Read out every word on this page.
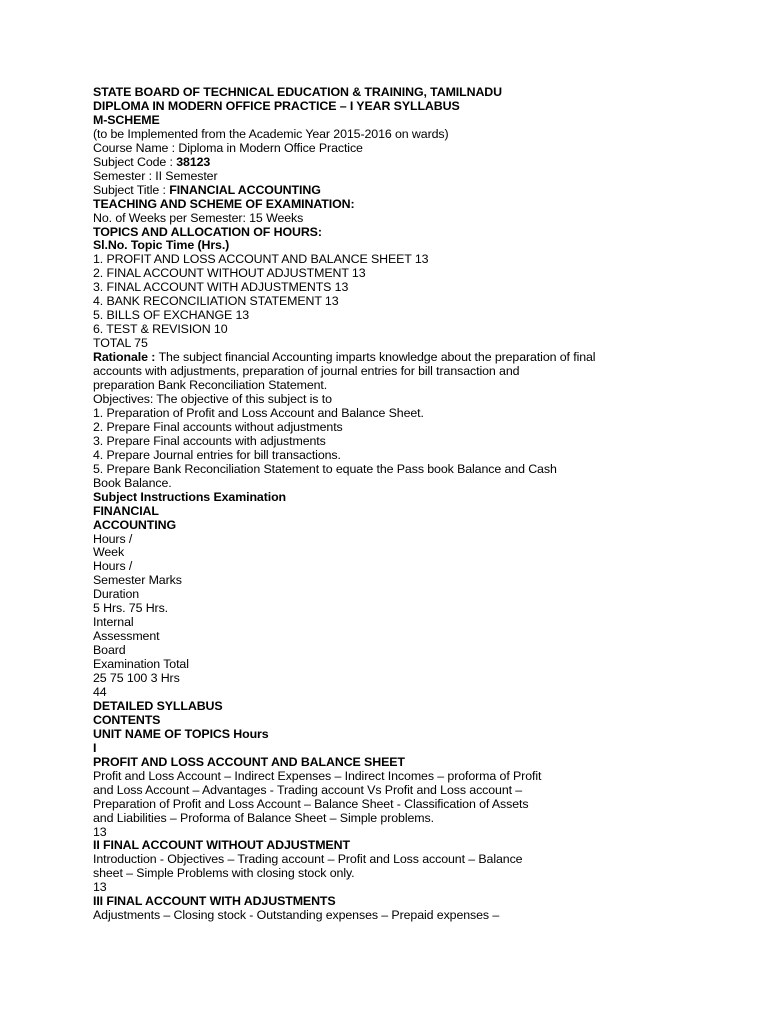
STATE BOARD OF TECHNICAL EDUCATION & TRAINING, TAMILNADU
DIPLOMA IN MODERN OFFICE PRACTICE – I YEAR SYLLABUS
M-SCHEME
(to be Implemented from the Academic Year 2015-2016 on wards)
Course Name : Diploma in Modern Office Practice
Subject Code : 38123
Semester : II Semester
Subject Title : FINANCIAL ACCOUNTING
TEACHING AND SCHEME OF EXAMINATION:
No. of Weeks per Semester: 15 Weeks
TOPICS AND ALLOCATION OF HOURS:
Sl.No. Topic Time (Hrs.)
1. PROFIT AND LOSS ACCOUNT AND BALANCE SHEET 13
2. FINAL ACCOUNT WITHOUT ADJUSTMENT 13
3. FINAL ACCOUNT WITH ADJUSTMENTS 13
4. BANK RECONCILIATION STATEMENT 13
5. BILLS OF EXCHANGE 13
6. TEST & REVISION 10
TOTAL 75
Rationale : The subject financial Accounting imparts knowledge about the preparation of final
accounts with adjustments, preparation of journal entries for bill transaction and
preparation Bank Reconciliation Statement.
Objectives: The objective of this subject is to
1. Preparation of Profit and Loss Account and Balance Sheet.
2. Prepare Final accounts without adjustments
3. Prepare Final accounts with adjustments
4. Prepare Journal entries for bill transactions.
5. Prepare Bank Reconciliation Statement to equate the Pass book Balance and Cash
Book Balance.
Subject Instructions Examination
FINANCIAL
ACCOUNTING
Hours /
Week
Hours /
Semester Marks
Duration
5 Hrs. 75 Hrs.
Internal
Assessment
Board
Examination Total
25 75 100 3 Hrs
44
DETAILED SYLLABUS
CONTENTS
UNIT NAME OF TOPICS Hours
I
PROFIT AND LOSS ACCOUNT AND BALANCE SHEET
Profit and Loss Account – Indirect Expenses – Indirect Incomes – proforma of Profit
and Loss Account – Advantages - Trading account Vs Profit and Loss account –
Preparation of Profit and Loss Account – Balance Sheet - Classification of Assets
and Liabilities – Proforma of Balance Sheet – Simple problems.
13
II FINAL ACCOUNT WITHOUT ADJUSTMENT
Introduction - Objectives – Trading account – Profit and Loss account – Balance
sheet – Simple Problems with closing stock only.
13
III FINAL ACCOUNT WITH ADJUSTMENTS
Adjustments – Closing stock - Outstanding expenses – Prepaid expenses –
